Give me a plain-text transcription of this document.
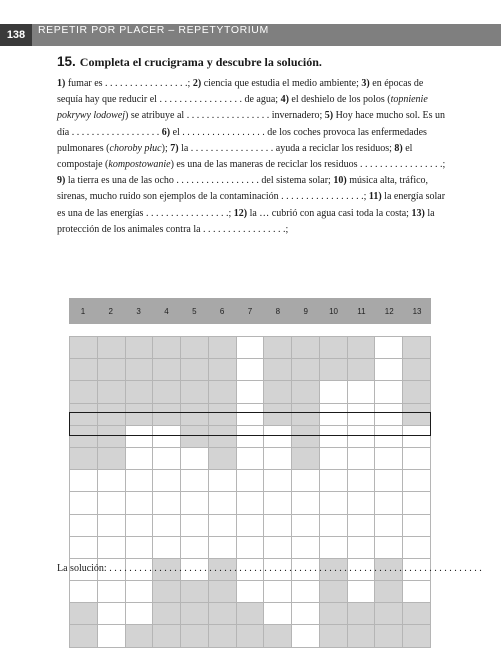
138	REPETIR POR PLACER – REPETYTORIUM
15. Completa el crucigrama y descubre la solución.
1) fumar es . . . . . . . . . . . . . . . . .; 2) ciencia que estudia el medio ambiente; 3) en épocas de sequía hay que reducir el . . . . . . . . . . . . . . . . . de agua; 4) el deshielo de los polos (topnienie pokrywy lodowej) se atribuye al . . . . . . . . . . . . . . . . . invernadero; 5) Hoy hace mucho sol. Es un día . . . . . . . . . . . . . . . . . . 6) el . . . . . . . . . . . . . . . . . de los coches provoca las enfermedades pulmonares (choroby płuc); 7) la . . . . . . . . . . . . . . . . . ayuda a reciclar los residuos; 8) el compostaje (kompostowanie) es una de las maneras de reciclar los residuos . . . . . . . . . . . . . . . . .; 9) la tierra es una de las ocho . . . . . . . . . . . . . . . . . del sistema solar; 10) música alta, tráfico, sirenas, mucho ruido son ejemplos de la contaminación . . . . . . . . . . . . . . . . .; 11) la energía solar es una de las energías . . . . . . . . . . . . . . . . .; 12) la … cubrió con agua casi toda la costa; 13) la protección de los animales contra la . . . . . . . . . . . . . . . . .;
1	2	3	4	5	6	7	8	9	10	11	12	13
La solución: . . . . . . . . . . . . . . . . . . . . . . . . . . . . . . . . . . . . . . . . . . . . . . . . . . . . . . . . . . . . . . . . . . . . . . . . . . .
